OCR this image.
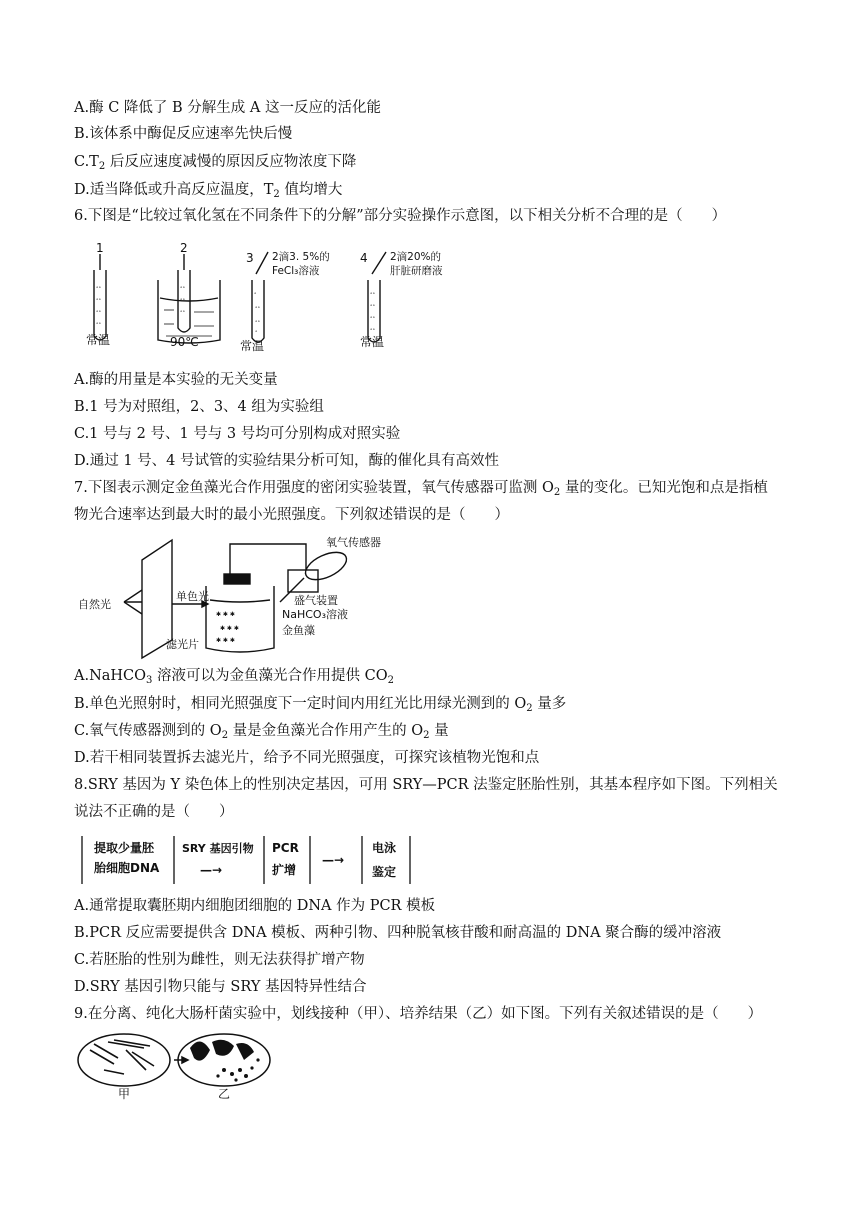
A.酶 C 降低了 B 分解生成 A 这一反应的活化能
B.该体系中酶促反应速率先快后慢
$C.T_2$ 后反应速度减慢的原因反应物浓度下降
D.适当降低或升高反应温度，$T_2$ 值均增大
6.下图是“比较过氧化氢在不同条件下的分解”部分实验操作示意图，以下相关分析不合理的是（　　）
°°
°°
°°
°°
°°
°°
°°
°
°°
°°
°
°°
°°
°°
°°
1	2
3	4
2滴3. 5%的
FeCl₃溶液
2滴20%的
肝脏研磨液
常温	90℃	常温	常温
A.酶的用量是本实验的无关变量
B.1 号为对照组，2、3、4 组为实验组
C.1 号与 2 号、1 号与 3 号均可分别构成对照实验
D.通过 1 号、4 号试管的实验结果分析可知，酶的催化具有高效性
7.下图表示测定金鱼藻光合作用强度的密闭实验装置，氧气传感器可监测 $O_2$ 量的变化。已知光饱和点是指植
物光合速率达到最大时的最小光照强度。下列叙述错误的是（　　）
✱ ✱ ✱
✱ ✱ ✱
✱ ✱ ✱
氧气传感器
盛气装置
NaHCO₃溶液
金鱼藻
自然光
单色光
滤光片
A.NaHCO$_3$ 溶液可以为金鱼藻光合作用提供 $CO_2$
B.单色光照射时，相同光照强度下一定时间内用红光比用绿光测到的 $O_2$ 量多
C.氧气传感器测到的 $O_2$ 量是金鱼藻光合作用产生的 $O_2$ 量
D.若干相同装置拆去滤光片，给予不同光照强度，可探究该植物光饱和点
8.SRY 基因为 Y 染色体上的性别决定基因，可用 SRY—PCR 法鉴定胚胎性别，其基本程序如下图。下列相关
说法不正确的是（　　）
提取少量胚
胎细胞DNA
SRY 基因引物
—→
PCR
扩增
—→
电泳
鉴定
A.通常提取囊胚期内细胞团细胞的 DNA 作为 PCR 模板
B.PCR 反应需要提供含 DNA 模板、两种引物、四种脱氧核苷酸和耐高温的 DNA 聚合酶的缓冲溶液
C.若胚胎的性别为雌性，则无法获得扩增产物
D.SRY 基因引物只能与 SRY 基因特异性结合
9.在分离、纯化大肠杆菌实验中，划线接种（甲）、培养结果（乙）如下图。下列有关叙述错误的是（　　）
甲	乙
